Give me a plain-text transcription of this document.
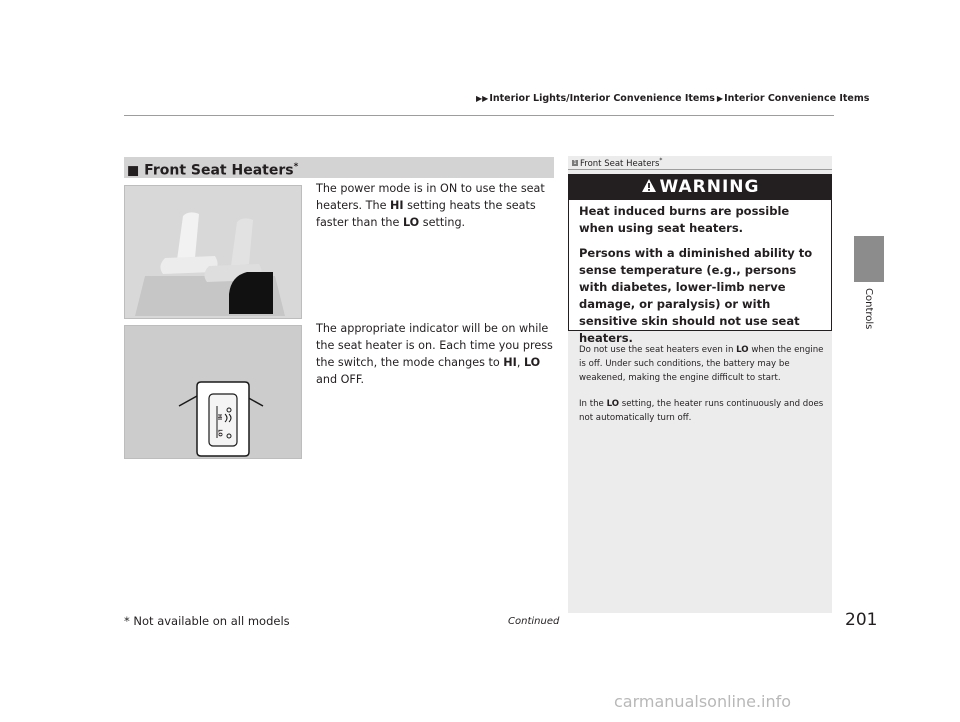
▶▶ Interior Lights/Interior Convenience Items ▶ Interior Convenience Items
Controls
■ Front Seat Heaters*
HI
LO
The power mode is in ON to use the seat heaters. The HI setting heats the seats faster than the LO setting.
The appropriate indicator will be on while the seat heater is on. Each time you press the switch, the mode changes to HI, LO and OFF.
1 Front Seat Heaters*
WARNING

Heat induced burns are possible when using seat heaters.

Persons with a diminished ability to sense temperature (e.g., persons with diabetes, lower-limb nerve damage, or paralysis) or with sensitive skin should not use seat heaters.

Do not use the seat heaters even in LO when the engine is off. Under such conditions, the battery may be weakened, making the engine difficult to start.

In the LO setting, the heater runs continuously and does not automatically turn off.

Continued
* Not available on all models	201
carmanualsonline.info
